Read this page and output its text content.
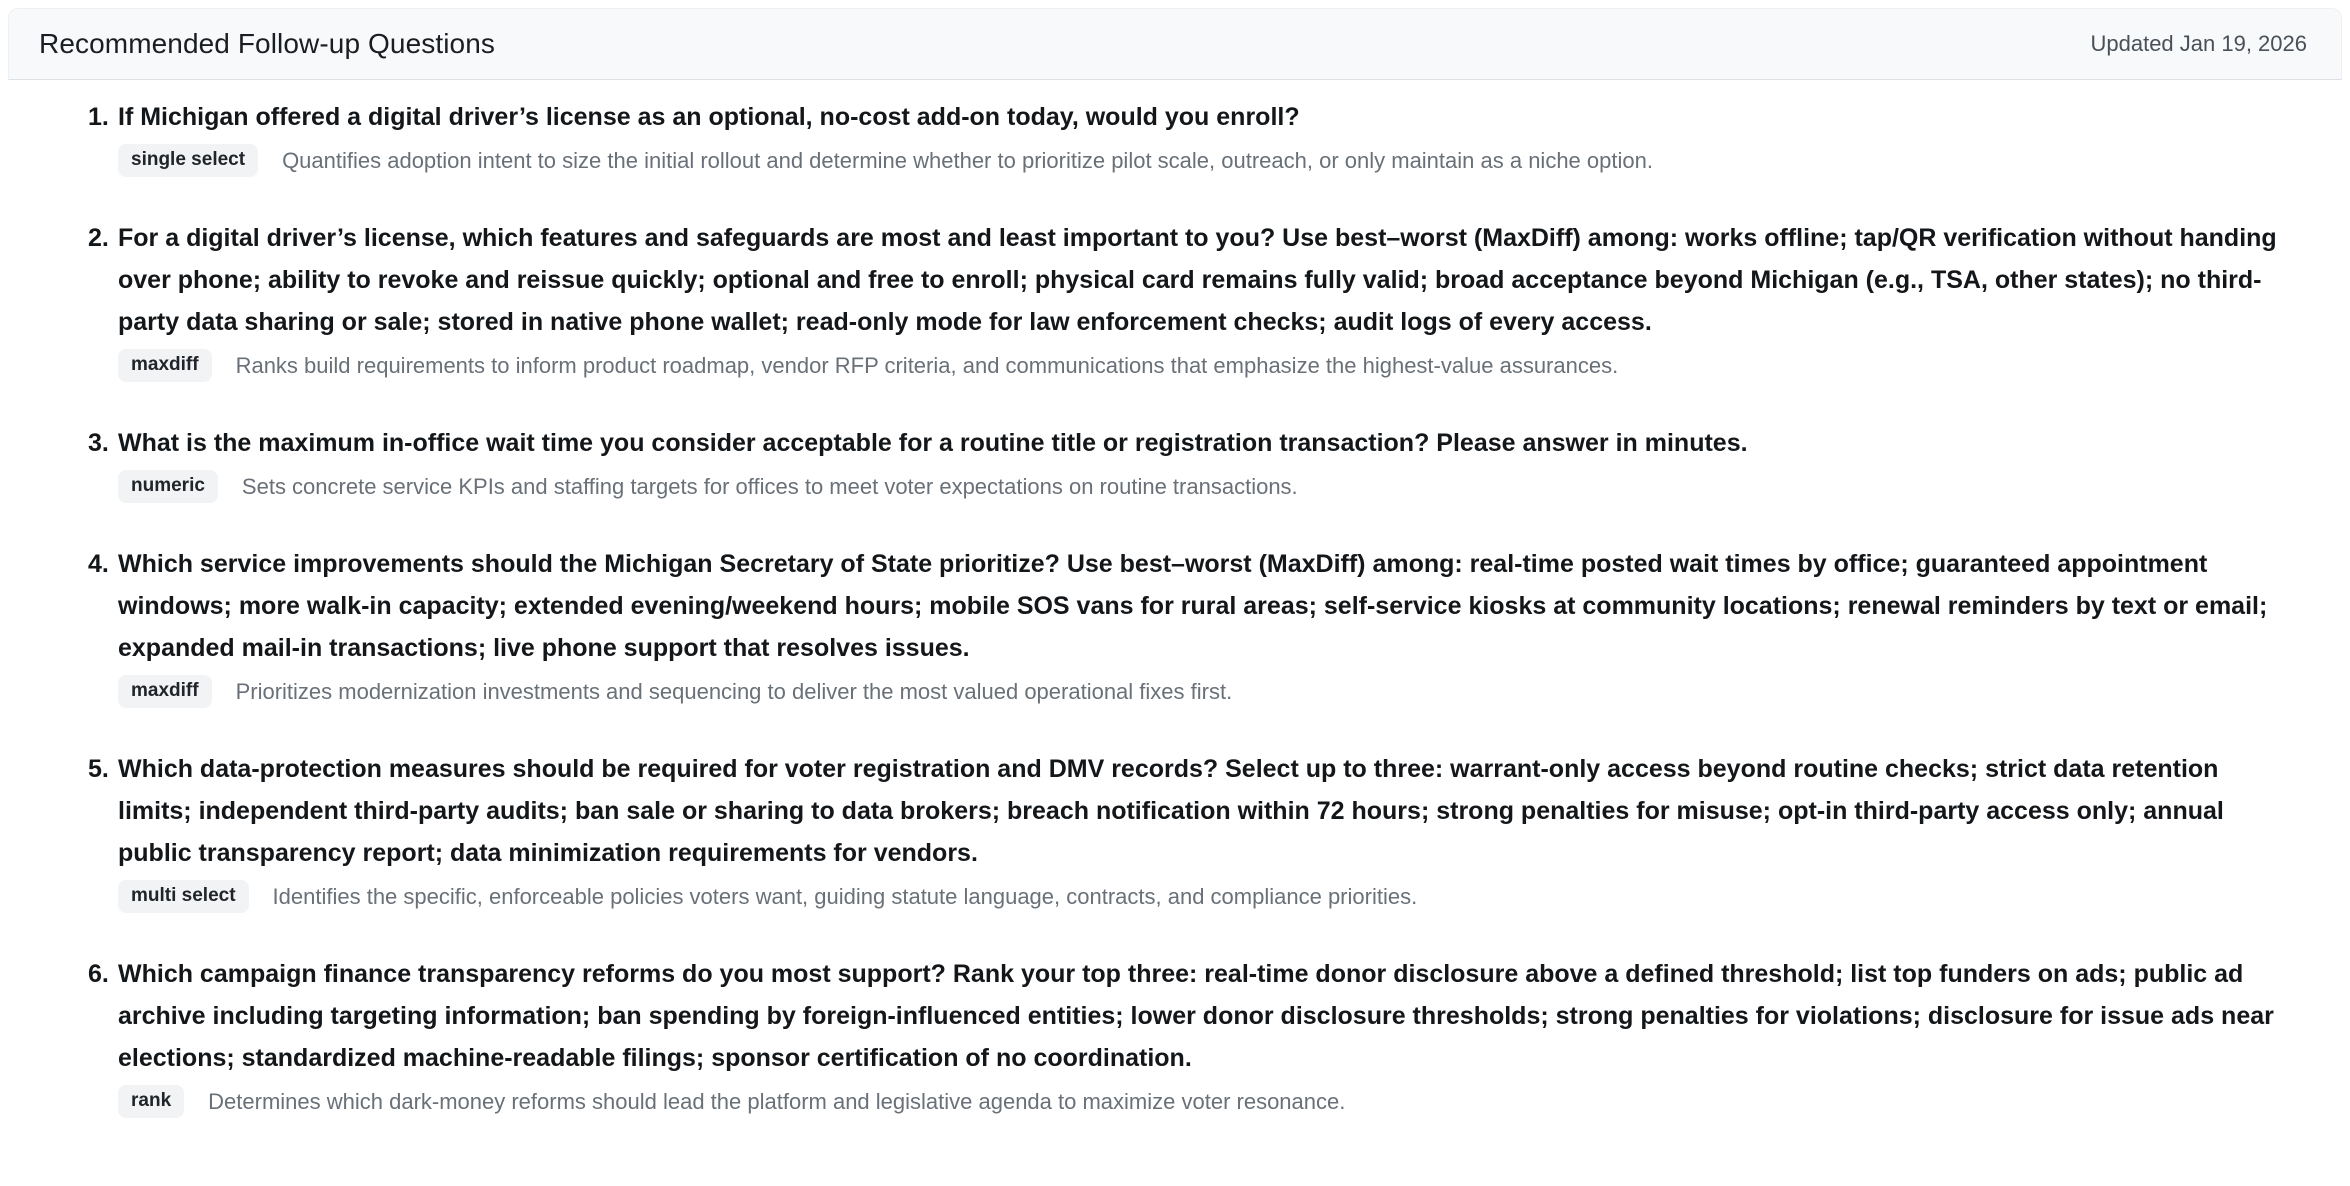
Recommended Follow-up Questions	Updated Jan 19, 2026
1. If Michigan offered a digital driver’s license as an optional, no-cost add-on today, would you enroll?
single select	Quantifies adoption intent to size the initial rollout and determine whether to prioritize pilot scale, outreach, or only maintain as a niche option.
2. For a digital driver’s license, which features and safeguards are most and least important to you? Use best–worst (MaxDiff) among: works offline; tap/QR verification without handing over phone; ability to revoke and reissue quickly; optional and free to enroll; physical card remains fully valid; broad acceptance beyond Michigan (e.g., TSA, other states); no third-party data sharing or sale; stored in native phone wallet; read-only mode for law enforcement checks; audit logs of every access.
maxdiff	Ranks build requirements to inform product roadmap, vendor RFP criteria, and communications that emphasize the highest-value assurances.
3. What is the maximum in-office wait time you consider acceptable for a routine title or registration transaction? Please answer in minutes.
numeric	Sets concrete service KPIs and staffing targets for offices to meet voter expectations on routine transactions.
4. Which service improvements should the Michigan Secretary of State prioritize? Use best–worst (MaxDiff) among: real-time posted wait times by office; guaranteed appointment windows; more walk-in capacity; extended evening/weekend hours; mobile SOS vans for rural areas; self-service kiosks at community locations; renewal reminders by text or email; expanded mail-in transactions; live phone support that resolves issues.
maxdiff	Prioritizes modernization investments and sequencing to deliver the most valued operational fixes first.
5. Which data-protection measures should be required for voter registration and DMV records? Select up to three: warrant-only access beyond routine checks; strict data retention limits; independent third-party audits; ban sale or sharing to data brokers; breach notification within 72 hours; strong penalties for misuse; opt-in third-party access only; annual public transparency report; data minimization requirements for vendors.
multi select	Identifies the specific, enforceable policies voters want, guiding statute language, contracts, and compliance priorities.
6. Which campaign finance transparency reforms do you most support? Rank your top three: real-time donor disclosure above a defined threshold; list top funders on ads; public ad archive including targeting information; ban spending by foreign-influenced entities; lower donor disclosure thresholds; strong penalties for violations; disclosure for issue ads near elections; standardized machine-readable filings; sponsor certification of no coordination.
rank	Determines which dark-money reforms should lead the platform and legislative agenda to maximize voter resonance.
